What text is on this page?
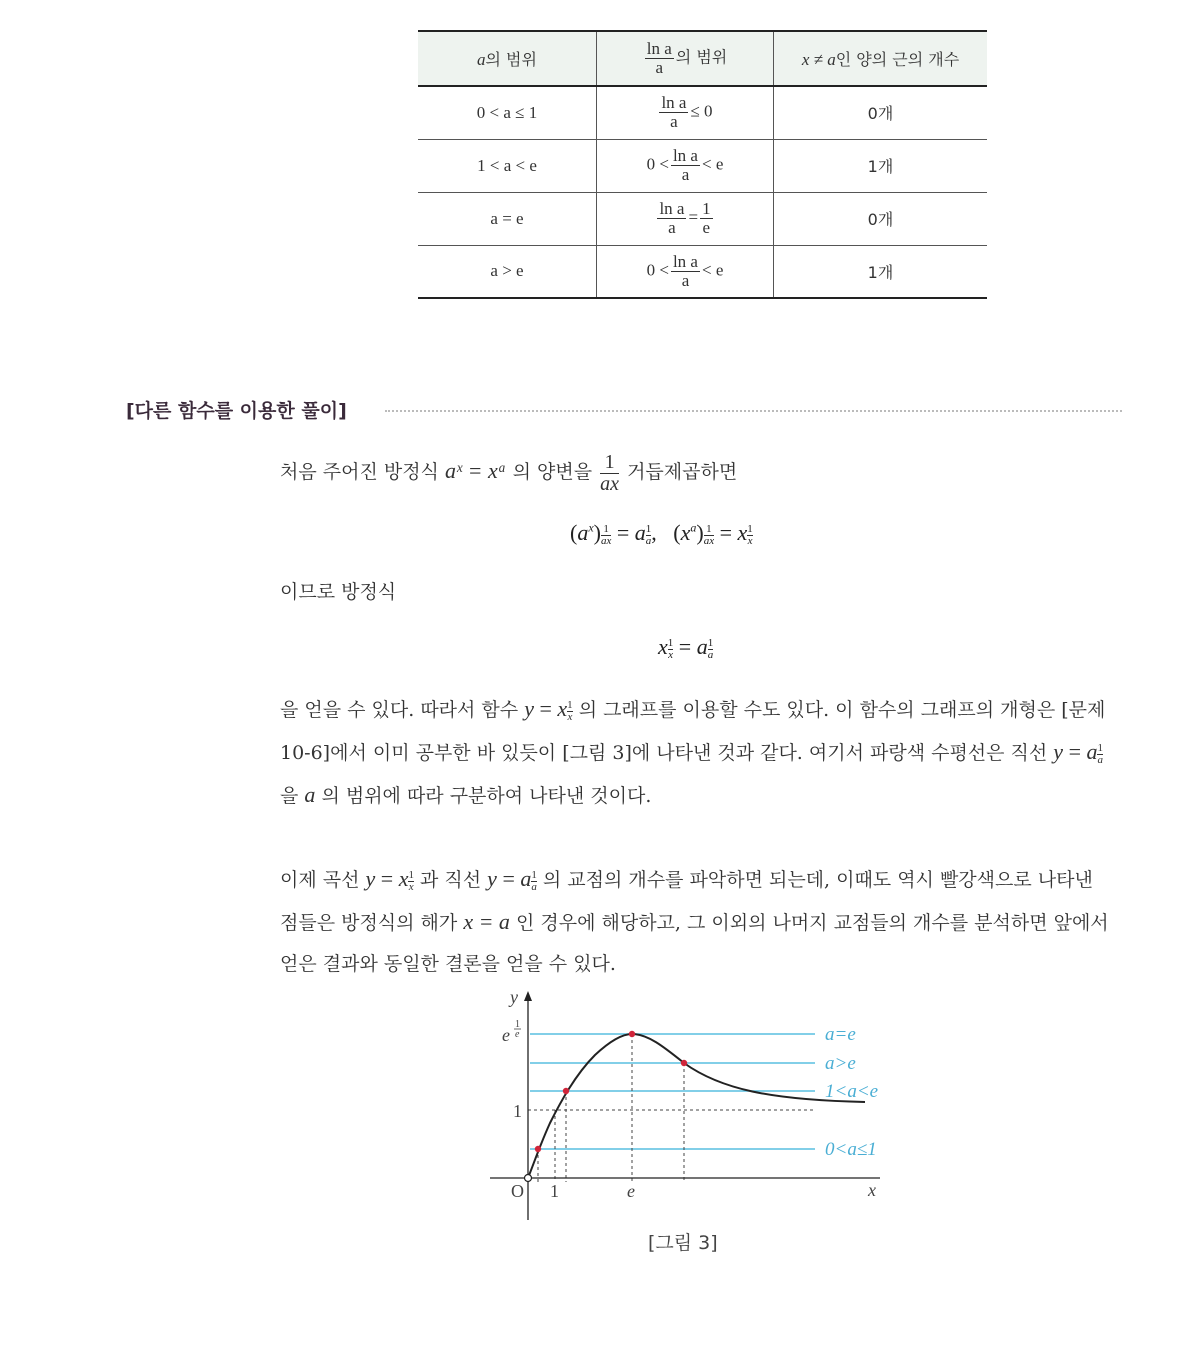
a의 범위	$\frac{\text{ln a}}{a}$ 의 범위	x ≠ a인 양의 근의 개수
0 < a ≤ 1	$\frac{\text{ln a}}{a} \le 0$	0개
1 < a < e	$0 < \frac{\text{ln a}}{a} < e$	1개
a = e	$\frac{\text{ln a}}{a} = \frac{1}{e}$	0개
a > e	$0 < \frac{\text{ln a}}{a} < e$	1개
[다른 함수를 이용한 풀이]
처음 주어진 방정식 aˣ = xᵃ 의 양변을 $\frac{1}{ax}$ 거듭제곱하면
$(a^x) \frac{1}{ax} = a \frac{1}{a}$ ,   $(x^a) \frac{1}{ax} = x \frac{1}{x}$
이므로 방정식
x $\frac{1}{x} = a \frac{1}{a}$
을 얻을 수 있다. 따라서 함수 y = x $\frac{1}{x}$ 의 그래프를 이용할 수도 있다. 이 함수의 그래프의 개형은 [문제
10-6]에서 이미 공부한 바 있듯이 [그림 3]에 나타낸 것과 같다. 여기서 파랑색 수평선은 직선 y = a $\frac{1}{a}$
을 a 의 범위에 따라 구분하여 나타낸 것이다.
이제 곡선 y = x $\frac{1}{x}$ 과 직선 y = a $\frac{1}{a}$ 의 교점의 개수를 파악하면 되는데, 이때도 역시 빨강색으로 나타낸
점들은 방정식의 해가 x = a 인 경우에 해당하고, 그 이외의 나머지 교점들의 개수를 분석하면 앞에서
얻은 결과와 동일한 결론을 얻을 수 있다.
y
x
O 1	e
1
e
1
e	a=e
a>e
1<a<e
0<a≤1
[그림 3]
